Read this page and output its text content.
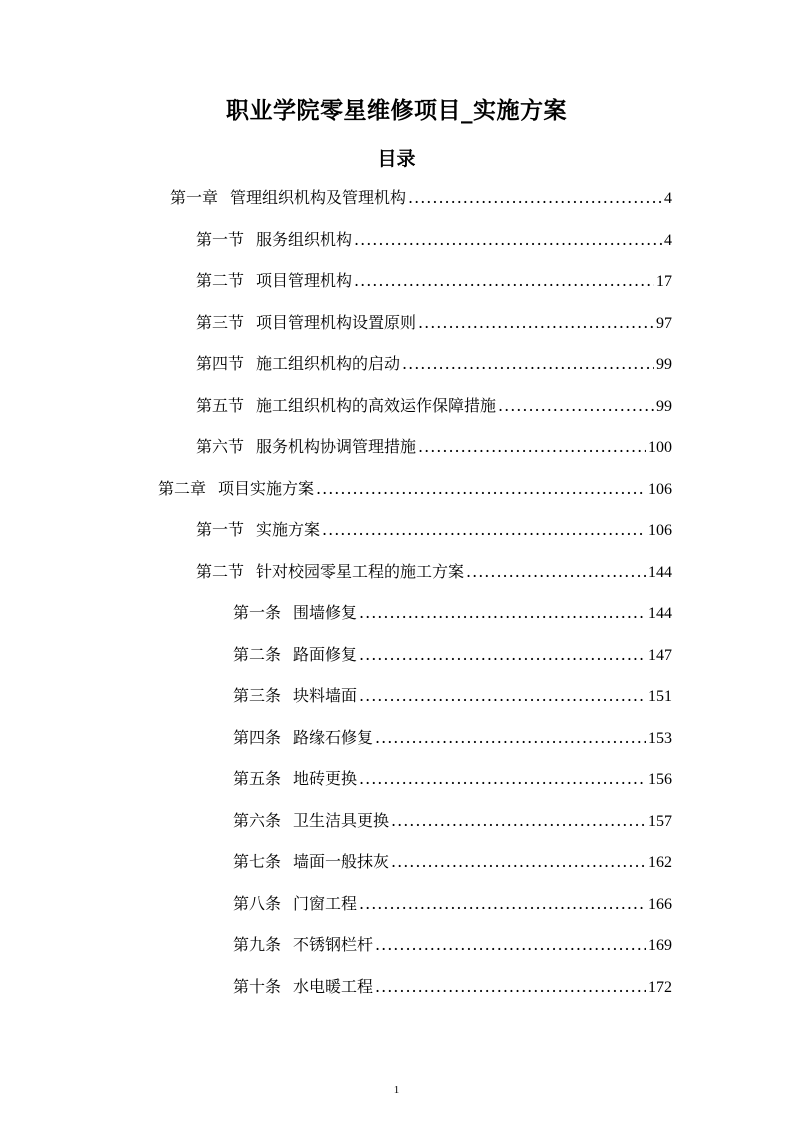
职业学院零星维修项目_实施方案
目录
第一章 管理组织机构及管理机构 .....	4
第一节 服务组织机构 .....	4
第二节 项目管理机构 .....	17
第三节 项目管理机构设置原则 .....	97
第四节 施工组织机构的启动 .....	99
第五节 施工组织机构的高效运作保障措施 .....	99
第六节 服务机构协调管理措施 .....	100
第二章 项目实施方案 .....	106
第一节 实施方案 .....	106
第二节 针对校园零星工程的施工方案 .....	144
第一条 围墙修复 .....	144
第二条 路面修复 .....	147
第三条 块料墙面 .....	151
第四条 路缘石修复 .....	153
第五条 地砖更换 .....	156
第六条 卫生洁具更换 .....	157
第七条 墙面一般抹灰 .....	162
第八条 门窗工程 .....	166
第九条 不锈钢栏杆 .....	169
第十条 水电暖工程 .....	172
1
